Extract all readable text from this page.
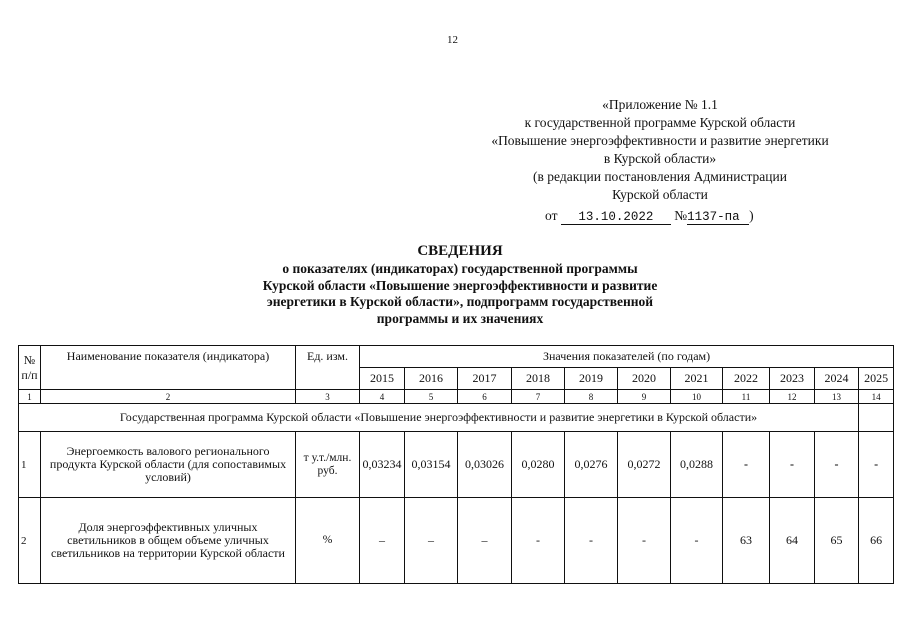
12
«Приложение № 1.1
к государственной программе Курской области
«Повышение энергоэффективности и развитие энергетики
в Курской области»
(в редакции постановления Администрации
Курской области
от 13.10.2022 №1137-па )
СВЕДЕНИЯ
о показателях (индикаторах) государственной программы
Курской области «Повышение энергоэффективности и развитие
энергетики в Курской области», подпрограмм государственной
программы и их значениях
№ п/п	Наименование показателя (индикатора)	Ед. изм.	Значения показателей (по годам)										
			2015	2016	2017	2018	2019	2020	2021	2022	2023	2024	2025
1	2	3	4	5	6	7	8	9	10	11	12	13	14
Государственная программа Курской области «Повышение энергоэффективности и развитие энергетики в Курской области»													
1	Энергоемкость валового регионального продукта Курской области (для сопоставимых условий)	т у.т./млн. руб.	0,03234	0,03154	0,03026	0,0280	0,0276	0,0272	0,0288	-	-	-	-
2	Доля энергоэффективных уличных светильников в общем объеме уличных светильников на территории Курской области	%	–	–	–	-	-	-	-	63	64	65	66
